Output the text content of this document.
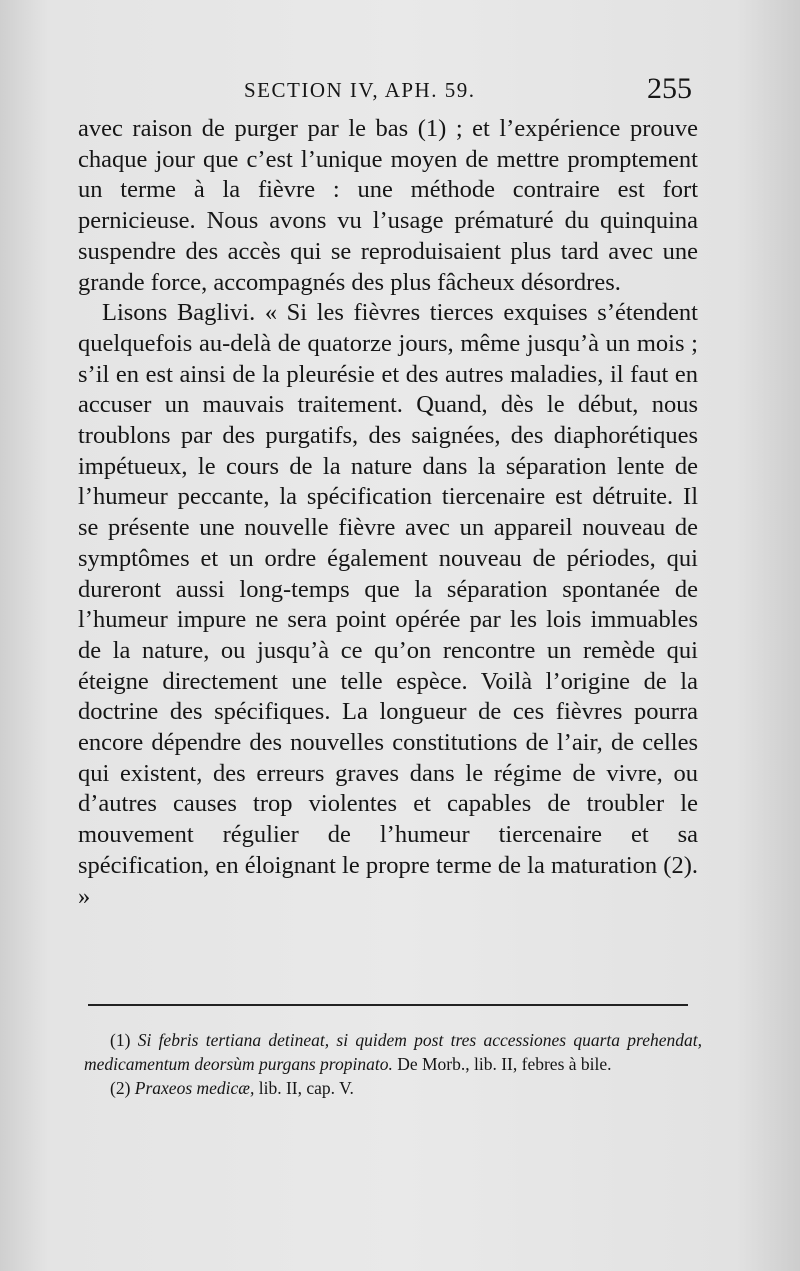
SECTION IV, APH. 59.	255

avec raison de purger par le bas (1) ; et l’expérience prouve chaque jour que c’est l’unique moyen de mettre promptement un terme à la fièvre : une méthode contraire est fort pernicieuse. Nous avons vu l’usage prématuré du quinquina suspendre des accès qui se reproduisaient plus tard avec une grande force, accompagnés des plus fâcheux désordres.

Lisons Baglivi. « Si les fièvres tierces exquises s’étendent quelquefois au-delà de quatorze jours, même jusqu’à un mois ; s’il en est ainsi de la pleurésie et des autres maladies, il faut en accuser un mauvais traitement. Quand, dès le début, nous troublons par des purgatifs, des saignées, des diaphorétiques impétueux, le cours de la nature dans la séparation lente de l’humeur peccante, la spécification tiercenaire est détruite. Il se présente une nouvelle fièvre avec un appareil nouveau de symptômes et un ordre également nouveau de périodes, qui dureront aussi long-temps que la séparation spontanée de l’humeur impure ne sera point opérée par les lois immuables de la nature, ou jusqu’à ce qu’on rencontre un remède qui éteigne directement une telle espèce. Voilà l’origine de la doctrine des spécifiques. La longueur de ces fièvres pourra encore dépendre des nouvelles constitutions de l’air, de celles qui existent, des erreurs graves dans le régime de vivre, ou d’autres causes trop violentes et capables de troubler le mouvement régulier de l’humeur tiercenaire et sa spécification, en éloignant le propre terme de la maturation (2). »

(1) Si febris tertiana detineat, si quidem post tres accessiones quarta prehendat, medicamentum deorsùm purgans propinato. De Morb., lib. II, febres à bile.

(2) Praxeos medicæ, lib. II, cap. V.
